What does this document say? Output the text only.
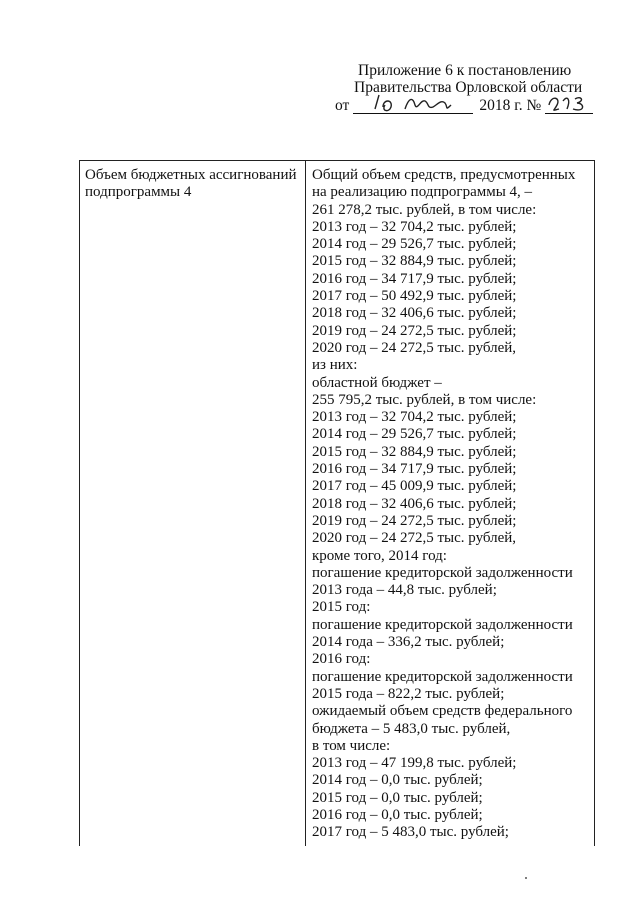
Приложение 6 к постановлению
Правительства Орловской области
от	2018 г. №
Объем бюджетных ассигнований подпрограммы 4
Общий объем средств, предусмотренных
на реализацию подпрограммы 4, –
261 278,2 тыс. рублей, в том числе:
2013 год – 32 704,2 тыс. рублей;
2014 год – 29 526,7 тыс. рублей;
2015 год – 32 884,9 тыс. рублей;
2016 год – 34 717,9 тыс. рублей;
2017 год – 50 492,9 тыс. рублей;
2018 год – 32 406,6 тыс. рублей;
2019 год – 24 272,5 тыс. рублей;
2020 год – 24 272,5 тыс. рублей,
из них:
областной бюджет –
255 795,2 тыс. рублей, в том числе:
2013 год – 32 704,2 тыс. рублей;
2014 год – 29 526,7 тыс. рублей;
2015 год – 32 884,9 тыс. рублей;
2016 год – 34 717,9 тыс. рублей;
2017 год – 45 009,9 тыс. рублей;
2018 год – 32 406,6 тыс. рублей;
2019 год – 24 272,5 тыс. рублей;
2020 год – 24 272,5 тыс. рублей,
кроме того, 2014 год:
погашение кредиторской задолженности
2013 года – 44,8 тыс. рублей;
2015 год:
погашение кредиторской задолженности
2014 года – 336,2 тыс. рублей;
2016 год:
погашение кредиторской задолженности
2015 года – 822,2 тыс. рублей;
ожидаемый объем средств федерального
бюджета – 5 483,0 тыс. рублей,
в том числе:
2013 год – 47 199,8 тыс. рублей;
2014 год – 0,0 тыс. рублей;
2015 год – 0,0 тыс. рублей;
2016 год – 0,0 тыс. рублей;
2017 год – 5 483,0 тыс. рублей;
